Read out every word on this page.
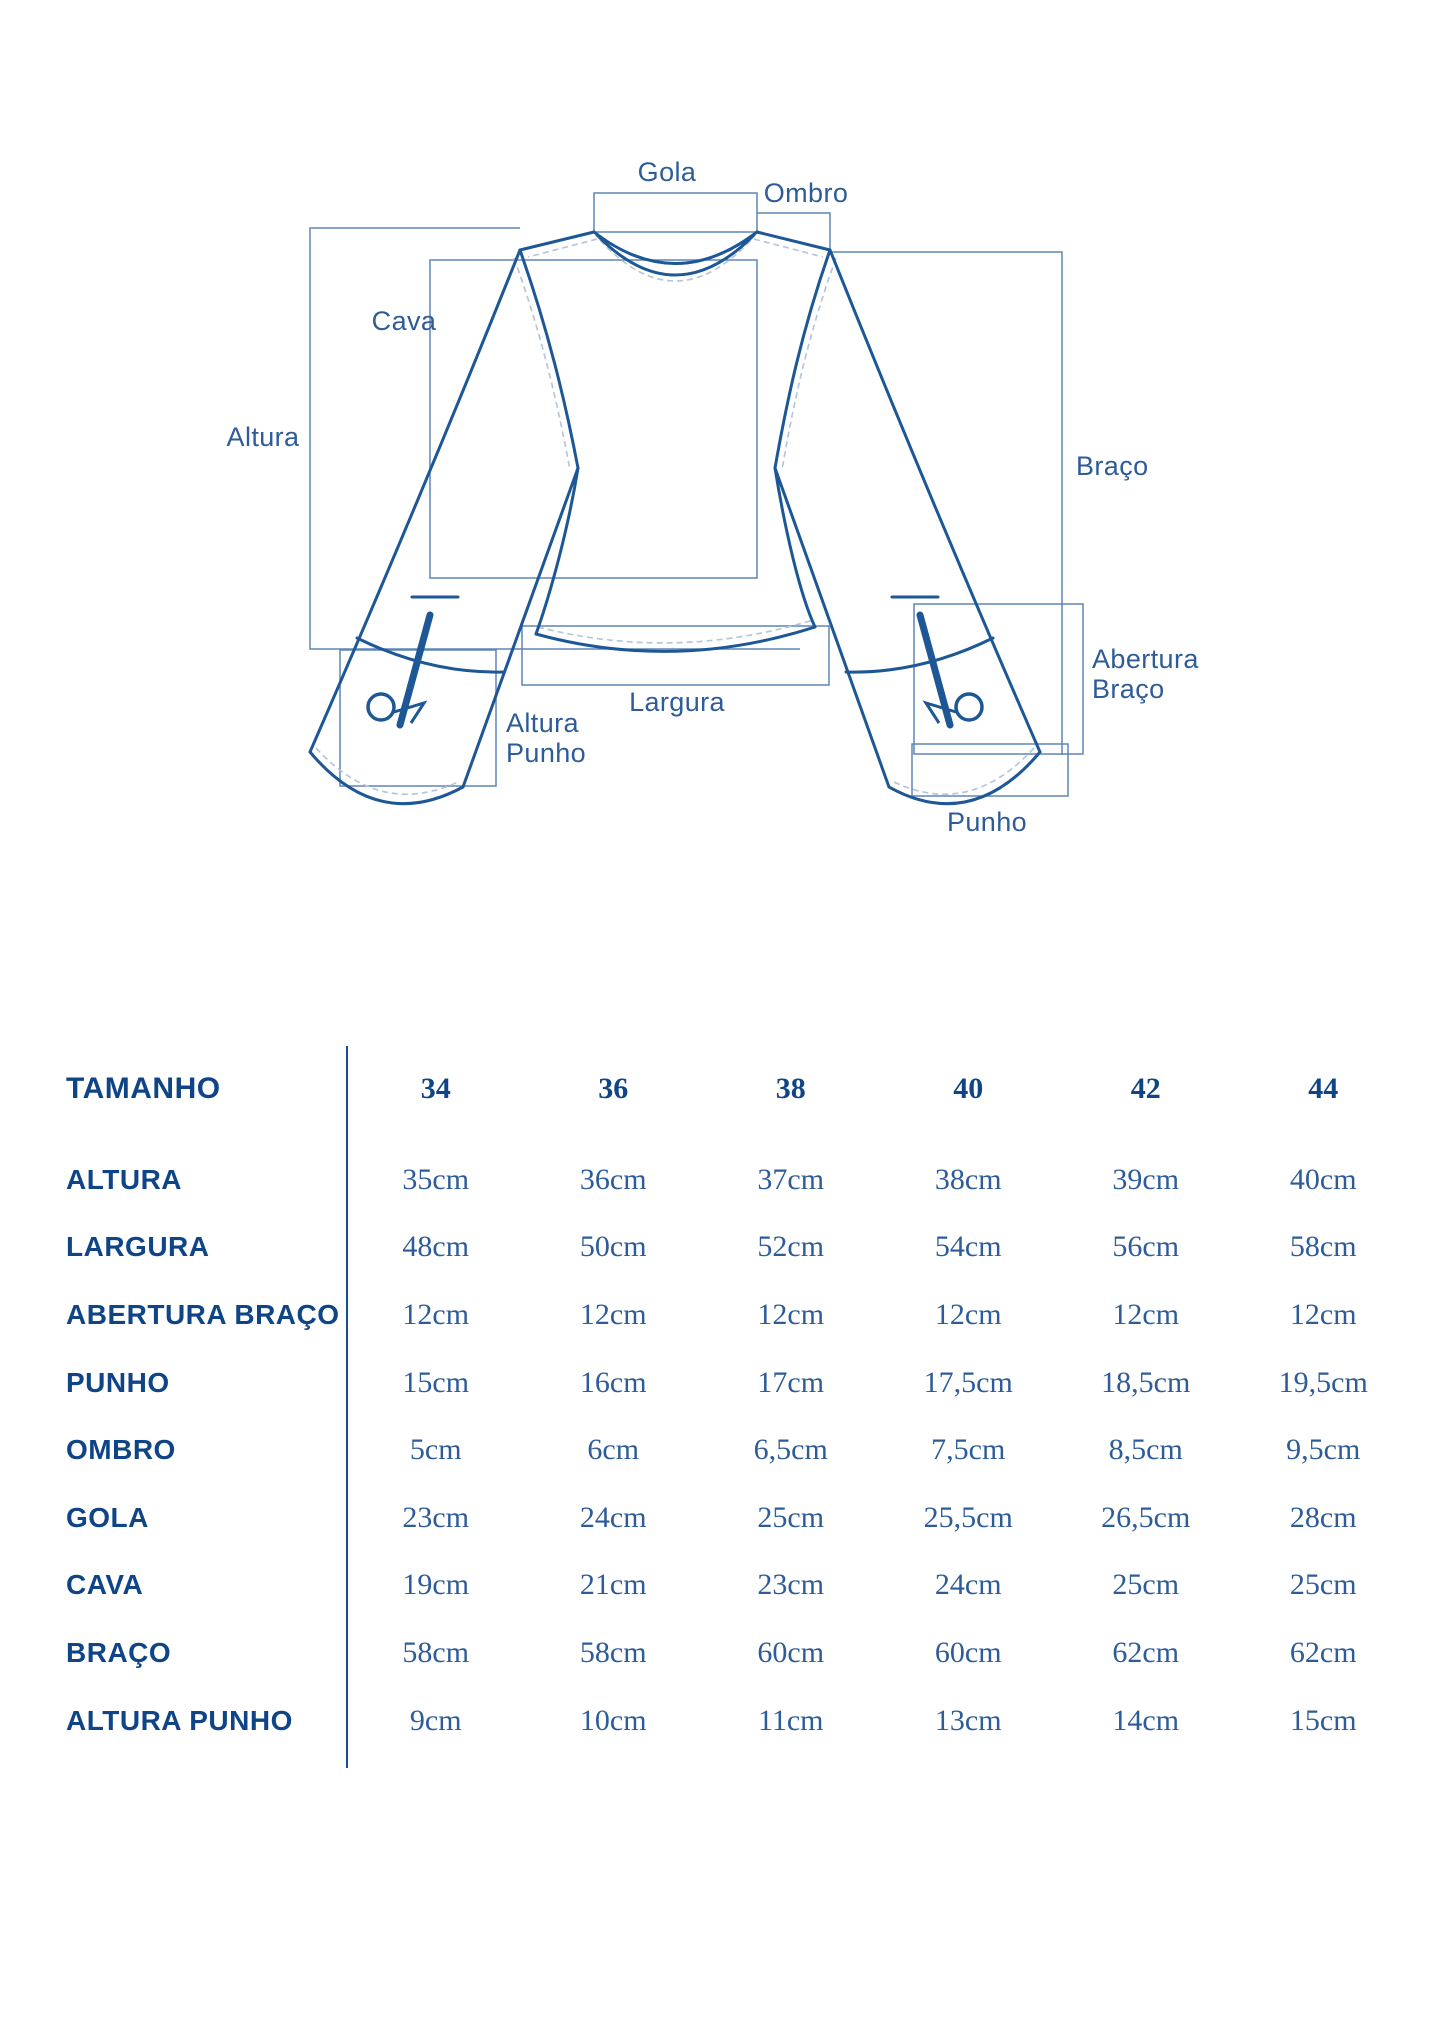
Gola
Ombro
Cava
Altura
Braço
Abertura
Braço
Altura
Punho
Largura
Punho
TAMANHO	34	36	38	40	42	44
ALTURA	35cm	36cm	37cm	38cm	39cm	40cm
LARGURA	48cm	50cm	52cm	54cm	56cm	58cm
ABERTURA BRAÇO	12cm	12cm	12cm	12cm	12cm	12cm
PUNHO	15cm	16cm	17cm	17,5cm	18,5cm	19,5cm
OMBRO	5cm	6cm	6,5cm	7,5cm	8,5cm	9,5cm
GOLA	23cm	24cm	25cm	25,5cm	26,5cm	28cm
CAVA	19cm	21cm	23cm	24cm	25cm	25cm
BRAÇO	58cm	58cm	60cm	60cm	62cm	62cm
ALTURA PUNHO	9cm	10cm	11cm	13cm	14cm	15cm
